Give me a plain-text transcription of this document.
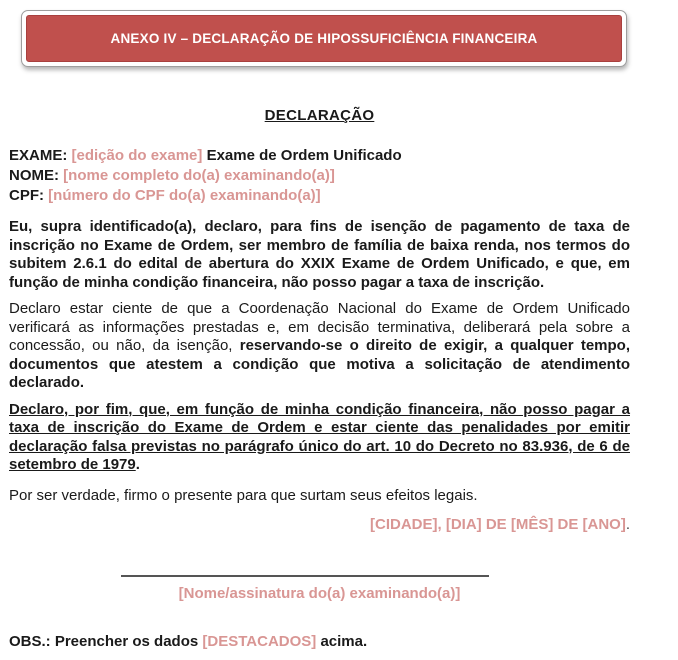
ANEXO IV – DECLARAÇÃO DE HIPOSSUFICIÊNCIA FINANCEIRA
DECLARAÇÃO
EXAME: [edição do exame] Exame de Ordem Unificado
NOME: [nome completo do(a) examinando(a)]
CPF: [número do CPF do(a) examinando(a)]

Eu, supra identificado(a), declaro, para fins de isenção de pagamento de taxa de inscrição no Exame de Ordem, ser membro de família de baixa renda, nos termos do subitem 2.6.1 do edital de abertura do XXIX Exame de Ordem Unificado, e que, em função de minha condição financeira, não posso pagar a taxa de inscrição.

Declaro estar ciente de que a Coordenação Nacional do Exame de Ordem Unificado verificará as informações prestadas e, em decisão terminativa, deliberará pela sobre a concessão, ou não, da isenção, reservando-se o direito de exigir, a qualquer tempo, documentos que atestem a condição que motiva a solicitação de atendimento declarado.

Declaro, por fim, que, em função de minha condição financeira, não posso pagar a taxa de inscrição do Exame de Ordem e estar ciente das penalidades por emitir declaração falsa previstas no parágrafo único do art. 10 do Decreto no 83.936, de 6 de setembro de 1979.

Por ser verdade, firmo o presente para que surtam seus efeitos legais.

[CIDADE], [DIA] DE [MÊS] DE [ANO].

[Nome/assinatura do(a) examinando(a)]

OBS.: Preencher os dados [DESTACADOS] acima.
